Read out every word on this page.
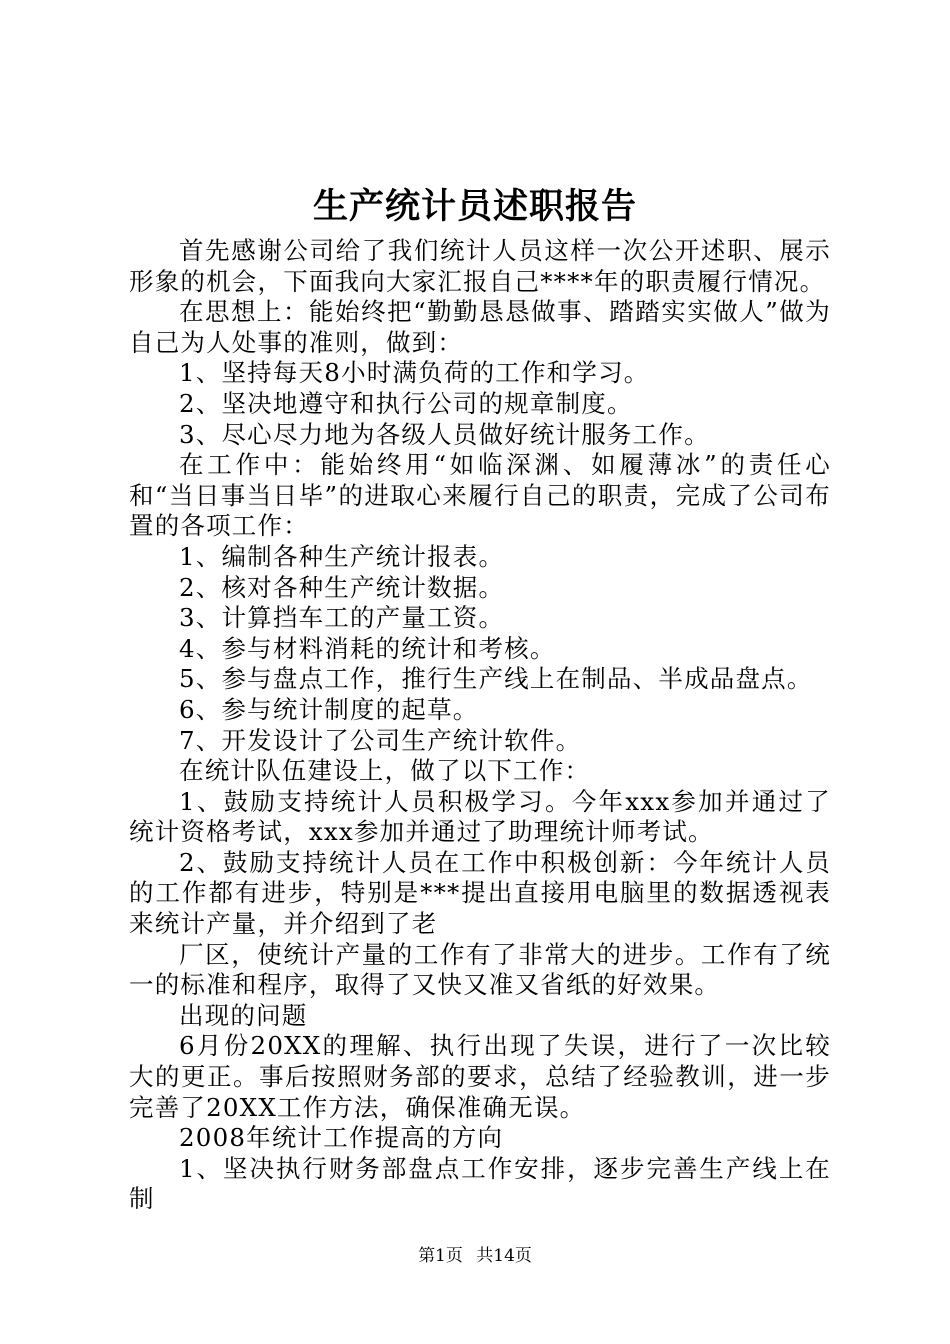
生产统计员述职报告

首先感谢公司给了我们统计人员这样一次公开述职、展示形象的机会，下面我向大家汇报自己****年的职责履行情况。

在思想上：能始终把“勤勤恳恳做事、踏踏实实做人”做为自己为人处事的准则，做到：

1、坚持每天8小时满负荷的工作和学习。

2、坚决地遵守和执行公司的规章制度。

3、尽心尽力地为各级人员做好统计服务工作。

在工作中：能始终用“如临深渊、如履薄冰”的责任心和“当日事当日毕”的进取心来履行自己的职责，完成了公司布置的各项工作：

1、编制各种生产统计报表。

2、核对各种生产统计数据。

3、计算挡车工的产量工资。

4、参与材料消耗的统计和考核。

5、参与盘点工作，推行生产线上在制品、半成品盘点。

6、参与统计制度的起草。

7、开发设计了公司生产统计软件。

在统计队伍建设上，做了以下工作：

1、鼓励支持统计人员积极学习。今年xxx参加并通过了统计资格考试，xxx参加并通过了助理统计师考试。

2、鼓励支持统计人员在工作中积极创新：今年统计人员的工作都有进步，特别是***提出直接用电脑里的数据透视表来统计产量，并介绍到了老

厂区，使统计产量的工作有了非常大的进步。工作有了统一的标准和程序，取得了又快又准又省纸的好效果。

出现的问题

6月份20XX的理解、执行出现了失误，进行了一次比较大的更正。事后按照财务部的要求，总结了经验教训，进一步完善了20XX工作方法，确保准确无误。

2008年统计工作提高的方向

1、坚决执行财务部盘点工作安排，逐步完善生产线上在制

第1页 共14页
